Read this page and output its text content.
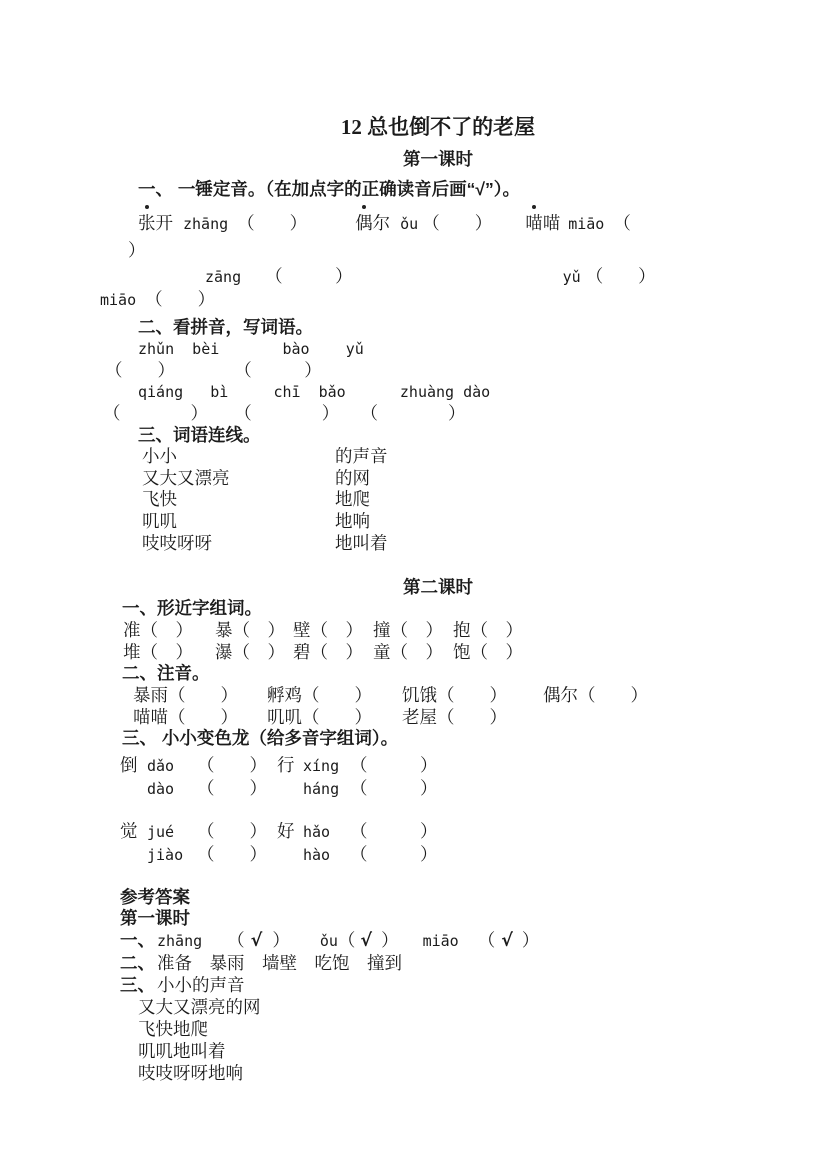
12 总也倒不了的老屋
第一课时
一、 一锤定音。（在加点字的正确读音后画“√”）。
张开 zhāng （　　）	偶尔 ǒu （　　） 喵喵 miāo （
）
zāng （　　　）	yǔ （　　）
miāo （　　）
二、看拼音，写词语。
zhǔn  bèi       bào    yǔ
（　　）	（　　　）
qiáng   bì     chī  bǎo      zhuàng dào
（　　　　） （　　　　） （　　　　）
三、词语连线。
小小	的声音
又大又漂亮	的网
飞快	地爬
叽叽	地响
吱吱呀呀	地叫着
第二课时
一、形近字组词。
准（　） 暴（　） 壁（　） 撞（　） 抱（　）
堆（　） 瀑（　） 碧（　） 童（　） 饱（　）
二、注音。
暴雨（　　） 孵鸡（　　） 饥饿（　　） 偶尔（　　）
喵喵（　　） 叽叽（　　） 老屋（　　）
三、 小小变色龙（给多音字组词）。
倒 dǎo （　　） 行 xíng （　　　）
dào （　　） háng （　　　）
觉 jué （　　） 好 hǎo （　　　）
jiào （　　） hào （　　　）
参考答案
第一课时
一、 zhāng （ √ ） ǒu（ √ ） miāo （ √ ）
二、 准备　暴雨　墙壁　吃饱　撞到
三、 小小的声音
又大又漂亮的网
飞快地爬
叽叽地叫着
吱吱呀呀地响
